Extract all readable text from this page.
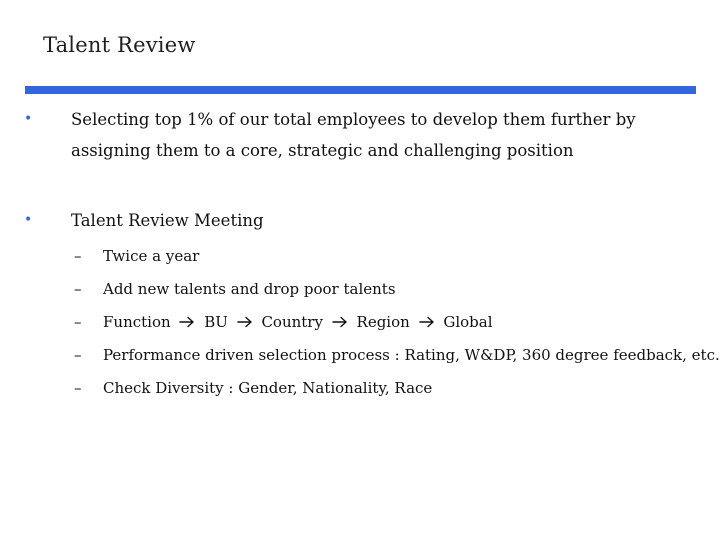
Talent Review
• Selecting top 1% of our total employees to develop them further by assigning them to a core, strategic and challenging position
• Talent Review Meeting
–	Twice a year
–	Add new talents and drop poor talents
–	Function BU Country Region Global
–	Performance driven selection process : Rating, W&DP, 360 degree feedback, etc.
–	Check Diversity : Gender, Nationality, Race
